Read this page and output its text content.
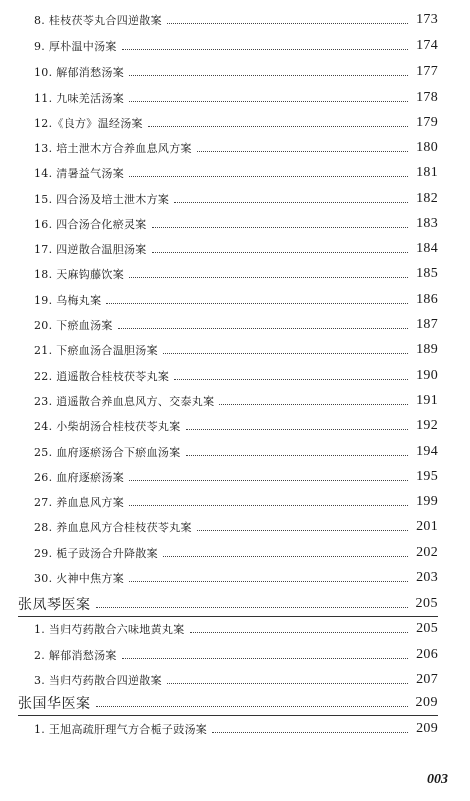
8. 桂枝茯苓丸合四逆散案	173
9. 厚朴温中汤案	174
10. 解郁消愁汤案	177
11. 九味羌活汤案	178
12.《良方》温经汤案	179
13. 培土泄木方合养血息风方案	180
14. 清暑益气汤案	181
15. 四合汤及培土泄木方案	182
16. 四合汤合化瘀灵案	183
17. 四逆散合温胆汤案	184
18. 天麻钩藤饮案	185
19. 乌梅丸案	186
20. 下瘀血汤案	187
21. 下瘀血汤合温胆汤案	189
22. 逍遥散合桂枝茯苓丸案	190
23. 逍遥散合养血息风方、交泰丸案	191
24. 小柴胡汤合桂枝茯苓丸案	192
25. 血府逐瘀汤合下瘀血汤案	194
26. 血府逐瘀汤案	195
27. 养血息风方案	199
28. 养血息风方合桂枝茯苓丸案	201
29. 栀子豉汤合升降散案	202
30. 火神中焦方案	203
张凤琴医案	205
1. 当归芍药散合六味地黄丸案	205
2. 解郁消愁汤案	206
3. 当归芍药散合四逆散案	207
张国华医案	209
1. 王旭高疏肝理气方合栀子豉汤案	209
003
